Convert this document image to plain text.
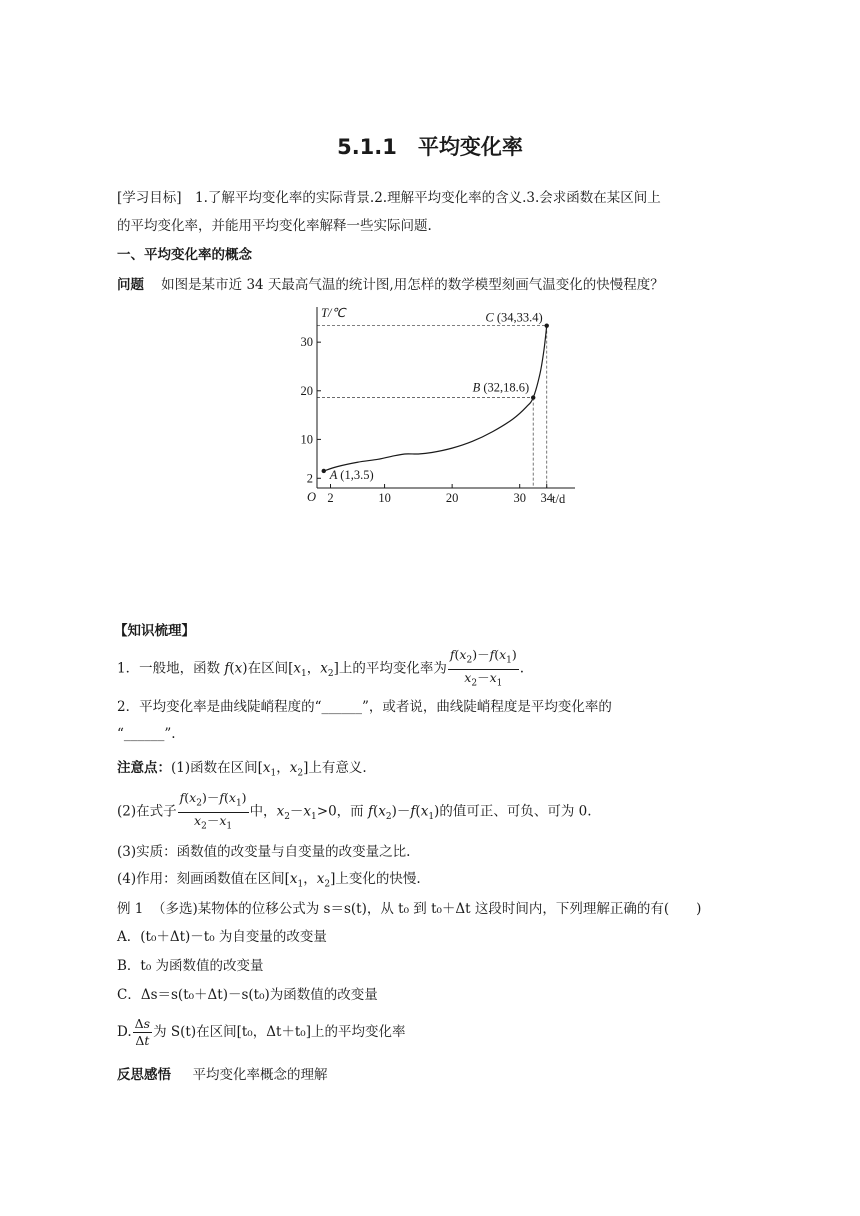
5.1.1　平均变化率
[学习目标]　1.了解平均变化率的实际背景.2.理解平均变化率的含义.3.会求函数在某区间上
的平均变化率，并能用平均变化率解释一些实际问题.
一、平均变化率的概念
问题 如图是某市近 34 天最高气温的统计图,用怎样的数学模型刻画气温变化的快慢程度？
2
10
20
30
2	10	20	30 34
T/℃
t/d
O
A (1,3.5)
B (32,18.6)
C (34,33.4)
【知识梳理】
1．一般地，函数 f(x)在区间[$x_1$，$x_2$]上的平均变化率为 $\frac{f(x_2)-f(x_1)}{x_2-x_1}$ .
2．平均变化率是曲线陡峭程度的“______”，或者说，曲线陡峭程度是平均变化率的
“______”.
注意点：(1)函数在区间[$x_1$，$x_2$]上有意义.
(2)在式子 $\frac{f(x_2)-f(x_1)}{x_2-x_1}$ 中，$x_2-x_1>0$，而 $f(x_2)-f(x_1)$的值可正、可负、可为 0.
(3)实质：函数值的改变量与自变量的改变量之比.
(4)作用：刻画函数值在区间[$x_1$，$x_2$]上变化的快慢.
例 1 （多选)某物体的位移公式为 s＝s(t)，从 t₀ 到 t₀＋Δt 这段时间内，下列理解正确的有(　　)
A．(t₀＋Δt)－t₀ 为自变量的改变量
B．t₀ 为函数值的改变量
C．Δs＝s(t₀＋Δt)－s(t₀)为函数值的改变量
D. $\frac{\Delta s}{\Delta t}$ 为 S(t)在区间[t₀，Δt＋t₀]上的平均变化率
反思感悟 平均变化率概念的理解
